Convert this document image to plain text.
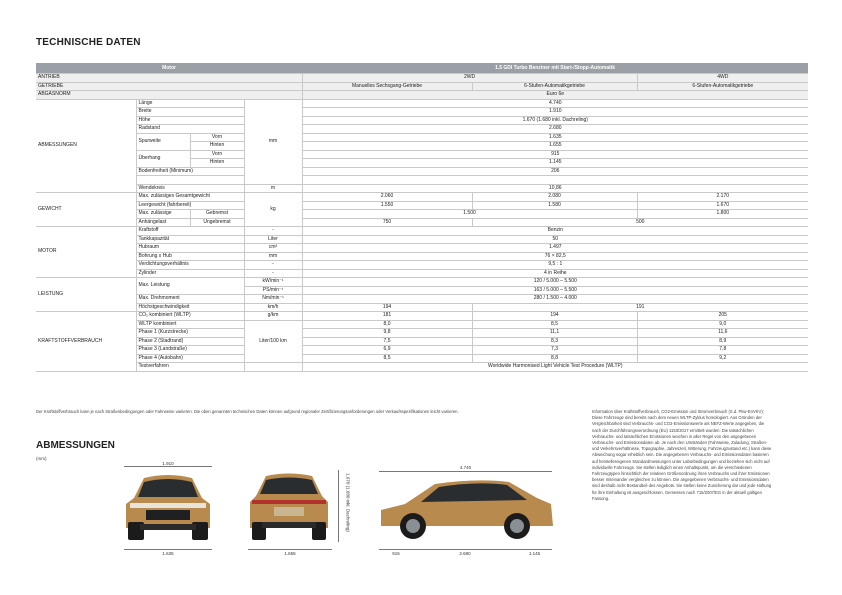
TECHNISCHE DATEN
Motor				1.5 GDI Turbo Benziner mit Start-/Stopp-Automatik		
ANTRIEB				2WD		4WD
GETRIEBE				Manuelles Sechsgang-Getriebe	6-Stufen-Automatikgetriebe	6-Stufen-Automatikgetriebe
ABGASNORM				Euro 6e		
ABMESSUNGEN	Länge		mm	4.740		
	Breite			1.910		
	Höhe			1.670 (1.680 inkl. Dachreling)		
	Radstand			2.680		
	Spurweite	Vorn		1.635		
		Hinten		1.655		
	Überhang	Vorn		915		
		Hinten		1.145		
	Bodenfreiheit (Minimum)			206		

	Wendekreis		m	10,86		
GEWICHT	Max. zulässiges Gesamtgewicht		kg	2.060	2.080	2.170
	Leergewicht (fahrbereit)			1.550	1.580	1.670
	Max. zulässige	Gebremst		1.500		1.800
	Anhängelast	Ungebremst		750	500	
MOTOR	Kraftstoff		-	Benzin		
	Tankkapazität		Liter	50		
	Hubraum		cm³	1.497		
	Bohrung x Hub		mm	76 × 82,5		
	Verdichtungsverhältnis		-	9,5 : 1		
	Zylinder		-	4 in Reihe		
LEISTUNG	Max. Leistung		kW/min⁻¹	120 / 5.000 – 5.500		
			PS/min⁻¹	163 / 5.000 – 5.500		
	Max. Drehmoment		Nm/min⁻¹	280 / 1.500 – 4.000		
	Höchstgeschwindigkeit		km/h	194	191	
KRAFTSTOFFVERBRAUCH	CO₂ kombiniert (WLTP)		g/km	181	194	205
	WLTP kombiniert		Liter/100 km	8,0	8,5	9,0
	Phase 1 (Kurzstrecke)			9,8	11,1	11,6
	Phase 2 (Stadtrand)			7,5	8,3	8,9
	Phase 3 (Landstraße)			6,9	7,3	7,8
	Phase 4 (Autobahn)			8,5	8,8	9,2
	Testverfahren			Worldwide Harmonised Light Vehicle Test Procedure (WLTP)		
Der Kraftstoffverbrauch kann je nach Straßenbedingungen oder Fahrweise variieren. Die oben genannten technischen Daten können aufgrund regionaler Zertifizierungsanforderungen oder Verkaufsspezifikationen leicht variieren.	Information über Kraftstoffverbrauch, CO2-Emission und Stromverbrauch (S.d. Pkw-EnVKV): Diese Fahrzeuge sind bereits nach dem neuen WLTP-Zyklus homologiert. Aus Gründen der Vergleichbarkeit sind Verbrauchs- und CO2-Emissionswerte als NEFZ-Werte angegeben, die nach der Durchführungsverordnung (EU) 1153/2017 ermittelt wurden. Die tatsächlichen Verbrauchs- und tatsächlichen Emissionen weichen in aller Regel von den angegebenen Verbrauchs- und Emissionsdaten ab. Je nach den Umständen (Fahrweise, Zuladung, Straßen- und Verkehrsverhältnisse, Topographie, Jahreszeit, Witterung, Fahrzeugzustand etc.) kann diese Abweichung sogar erheblich sein. Die angegebenen Verbrauchs- und Emissionsdaten basieren auf herstellereigenen Standardmessungen unter Laborbedingungen und beziehen sich nicht auf individuelle Fahrzeuge. Sie stellen lediglich einen Anhaltspunkt, um die verschiedenen Fahrzeugtypen hinsichtlich der relativen Größenordnung ihres Verbrauchs und ihrer Emissionen besser miteinander vergleichen zu können. Die angegebenen Verbrauchs- und Emissionsdaten sind deshalb nicht Bestandteil des Angebots. Sie stellen keine Zusicherung dar und jede Haftung für ihre Einhaltung ist ausgeschlossen. Gemessen nach 715/2007/EG in der aktuell gültigen Fassung.
ABMESSUNGEN
(mm)
1.910
1.635
1.670 (1.680 inkl. Dachreling)
1.655
4.740
915	2.680	1.145
